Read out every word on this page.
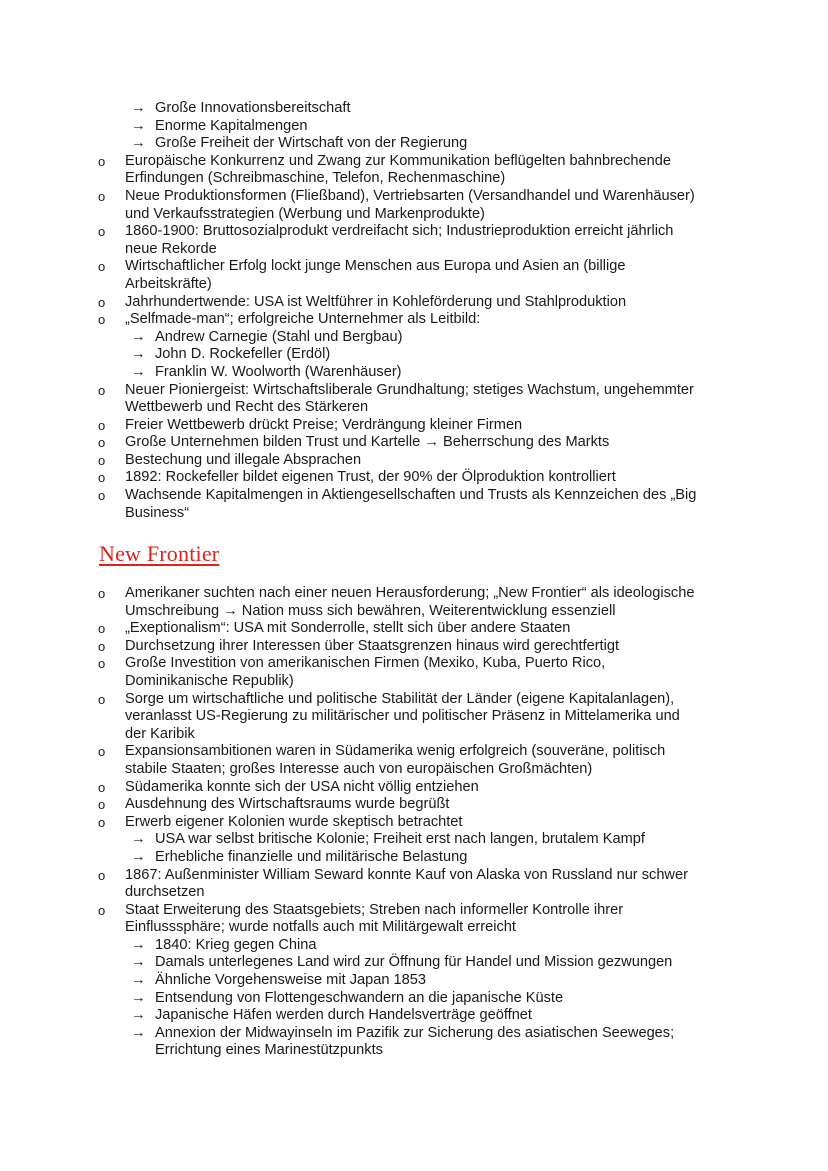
→ Große Innovationsbereitschaft
→ Enorme Kapitalmengen
→ Große Freiheit der Wirtschaft von der Regierung
o Europäische Konkurrenz und Zwang zur Kommunikation beflügelten bahnbrechende
Erfindungen (Schreibmaschine, Telefon, Rechenmaschine)
o Neue Produktionsformen (Fließband), Vertriebsarten (Versandhandel und Warenhäuser)
und Verkaufsstrategien (Werbung und Markenprodukte)
o 1860-1900: Bruttosozialprodukt verdreifacht sich; Industrieproduktion erreicht jährlich
neue Rekorde
o Wirtschaftlicher Erfolg lockt junge Menschen aus Europa und Asien an (billige
Arbeitskräfte)
o Jahrhundertwende: USA ist Weltführer in Kohleförderung und Stahlproduktion
o „Selfmade-man“; erfolgreiche Unternehmer als Leitbild:
→ Andrew Carnegie (Stahl und Bergbau)
→ John D. Rockefeller (Erdöl)
→ Franklin W. Woolworth (Warenhäuser)
o Neuer Pioniergeist: Wirtschaftsliberale Grundhaltung; stetiges Wachstum, ungehemmter
Wettbewerb und Recht des Stärkeren
o Freier Wettbewerb drückt Preise; Verdrängung kleiner Firmen
o Große Unternehmen bilden Trust und Kartelle → Beherrschung des Markts
o Bestechung und illegale Absprachen
o 1892: Rockefeller bildet eigenen Trust, der 90% der Ölproduktion kontrolliert
o Wachsende Kapitalmengen in Aktiengesellschaften und Trusts als Kennzeichen des „Big
Business“
New Frontier
o Amerikaner suchten nach einer neuen Herausforderung; „New Frontier“ als ideologische
Umschreibung → Nation muss sich bewähren, Weiterentwicklung essenziell
o „Exeptionalism“: USA mit Sonderrolle, stellt sich über andere Staaten
o Durchsetzung ihrer Interessen über Staatsgrenzen hinaus wird gerechtfertigt
o Große Investition von amerikanischen Firmen (Mexiko, Kuba, Puerto Rico,
Dominikanische Republik)
o Sorge um wirtschaftliche und politische Stabilität der Länder (eigene Kapitalanlagen),
veranlasst US-Regierung zu militärischer und politischer Präsenz in Mittelamerika und
der Karibik
o Expansionsambitionen waren in Südamerika wenig erfolgreich (souveräne, politisch
stabile Staaten; großes Interesse auch von europäischen Großmächten)
o Südamerika konnte sich der USA nicht völlig entziehen
o Ausdehnung des Wirtschaftsraums wurde begrüßt
o Erwerb eigener Kolonien wurde skeptisch betrachtet
→ USA war selbst britische Kolonie; Freiheit erst nach langen, brutalem Kampf
→ Erhebliche finanzielle und militärische Belastung
o 1867: Außenminister William Seward konnte Kauf von Alaska von Russland nur schwer
durchsetzen
o Staat Erweiterung des Staatsgebiets; Streben nach informeller Kontrolle ihrer
Einflusssphäre; wurde notfalls auch mit Militärgewalt erreicht
→ 1840: Krieg gegen China
→ Damals unterlegenes Land wird zur Öffnung für Handel und Mission gezwungen
→ Ähnliche Vorgehensweise mit Japan 1853
→ Entsendung von Flottengeschwandern an die japanische Küste
→ Japanische Häfen werden durch Handelsverträge geöffnet
→ Annexion der Midwayinseln im Pazifik zur Sicherung des asiatischen Seeweges;
Errichtung eines Marinestützpunkts
